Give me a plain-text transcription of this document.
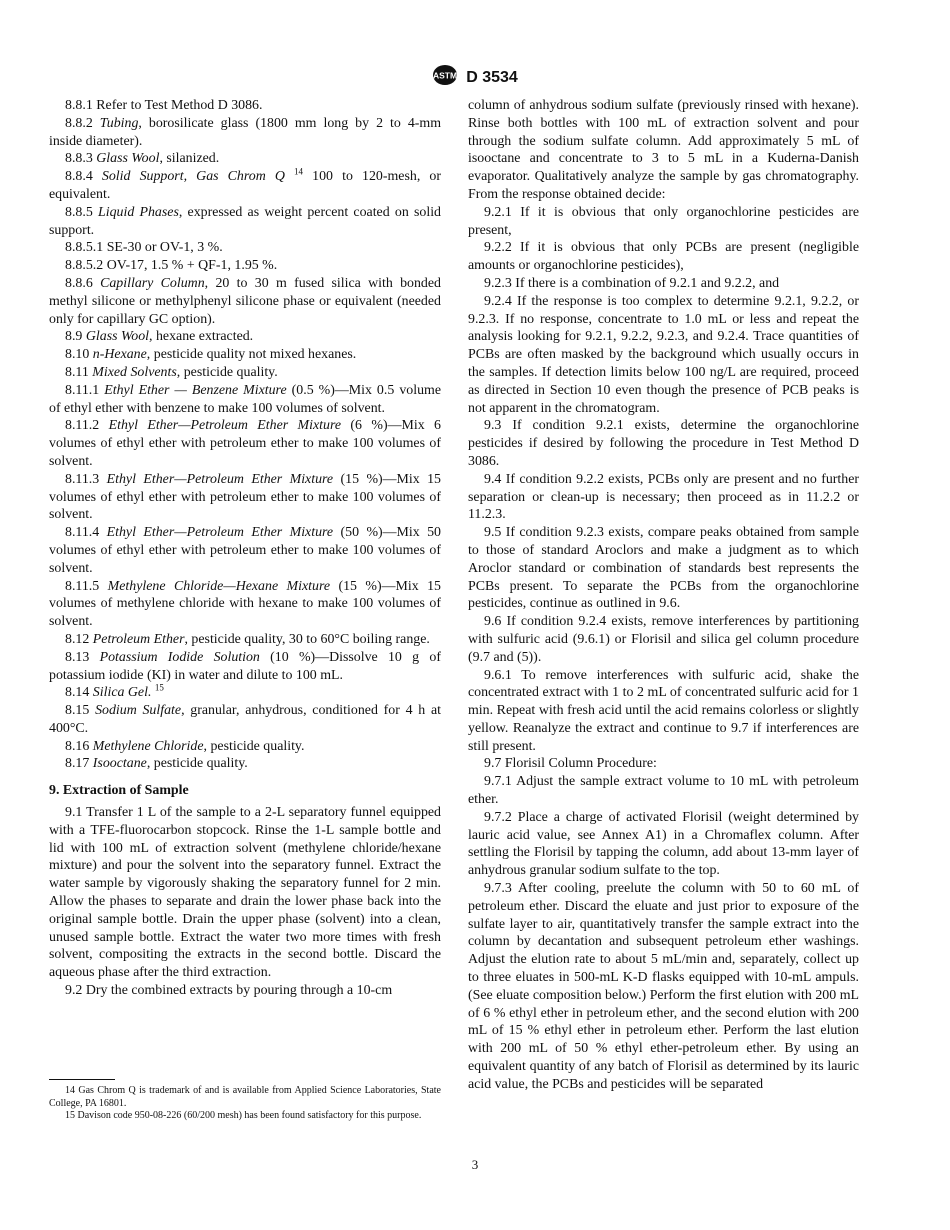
ASTM D 3534

8.8.1 Refer to Test Method D 3086.

8.8.2 Tubing, borosilicate glass (1800 mm long by 2 to 4-mm inside diameter).

8.8.3 Glass Wool, silanized.

8.8.4 Solid Support, Gas Chrom Q $^{14}$ 100 to 120-mesh, or equivalent.

8.8.5 Liquid Phases, expressed as weight percent coated on solid support.

8.8.5.1 SE-30 or OV-1, 3 %.

8.8.5.2 OV-17, 1.5 % + QF-1, 1.95 %.

8.8.6 Capillary Column, 20 to 30 m fused silica with bonded methyl silicone or methylphenyl silicone phase or equivalent (needed only for capillary GC option).

8.9 Glass Wool, hexane extracted.

8.10 n-Hexane, pesticide quality not mixed hexanes.

8.11 Mixed Solvents, pesticide quality.

8.11.1 Ethyl Ether — Benzene Mixture (0.5 %)—Mix 0.5 volume of ethyl ether with benzene to make 100 volumes of solvent.

8.11.2 Ethyl Ether—Petroleum Ether Mixture (6 %)—Mix 6 volumes of ethyl ether with petroleum ether to make 100 volumes of solvent.

8.11.3 Ethyl Ether—Petroleum Ether Mixture (15 %)—Mix 15 volumes of ethyl ether with petroleum ether to make 100 volumes of solvent.

8.11.4 Ethyl Ether—Petroleum Ether Mixture (50 %)—Mix 50 volumes of ethyl ether with petroleum ether to make 100 volumes of solvent.

8.11.5 Methylene Chloride—Hexane Mixture (15 %)—Mix 15 volumes of methylene chloride with hexane to make 100 volumes of solvent.

8.12 Petroleum Ether, pesticide quality, 30 to 60°C boiling range.

8.13 Potassium Iodide Solution (10 %)—Dissolve 10 g of potassium iodide (KI) in water and dilute to 100 mL.

8.14 Silica Gel. $^{15}$

8.15 Sodium Sulfate, granular, anhydrous, conditioned for 4 h at 400°C.

8.16 Methylene Chloride, pesticide quality.

8.17 Isooctane, pesticide quality.

9. Extraction of Sample

9.1 Transfer 1 L of the sample to a 2-L separatory funnel equipped with a TFE-fluorocarbon stopcock. Rinse the 1-L sample bottle and lid with 100 mL of extraction solvent (methylene chloride/hexane mixture) and pour the solvent into the separatory funnel. Extract the water sample by vigorously shaking the separatory funnel for 2 min. Allow the phases to separate and drain the lower phase back into the original sample bottle. Drain the upper phase (solvent) into a clean, unused sample bottle. Extract the water two more times with fresh solvent, compositing the extracts in the second bottle. Discard the aqueous phase after the third extraction.

9.2 Dry the combined extracts by pouring through a 10-cm

column of anhydrous sodium sulfate (previously rinsed with hexane). Rinse both bottles with 100 mL of extraction solvent and pour through the sodium sulfate column. Add approximately 5 mL of isooctane and concentrate to 3 to 5 mL in a Kuderna-Danish evaporator. Qualitatively analyze the sample by gas chromatography. From the response obtained decide:

9.2.1 If it is obvious that only organochlorine pesticides are present,

9.2.2 If it is obvious that only PCBs are present (negligible amounts or organochlorine pesticides),

9.2.3 If there is a combination of 9.2.1 and 9.2.2, and

9.2.4 If the response is too complex to determine 9.2.1, 9.2.2, or 9.2.3. If no response, concentrate to 1.0 mL or less and repeat the analysis looking for 9.2.1, 9.2.2, 9.2.3, and 9.2.4. Trace quantities of PCBs are often masked by the background which usually occurs in the samples. If detection limits below 100 ng/L are required, proceed as directed in Section 10 even though the presence of PCB peaks is not apparent in the chromatogram.

9.3 If condition 9.2.1 exists, determine the organochlorine pesticides if desired by following the procedure in Test Method D 3086.

9.4 If condition 9.2.2 exists, PCBs only are present and no further separation or clean-up is necessary; then proceed as in 11.2.2 or 11.2.3.

9.5 If condition 9.2.3 exists, compare peaks obtained from sample to those of standard Aroclors and make a judgment as to which Aroclor standard or combination of standards best represents the PCBs present. To separate the PCBs from the organochlorine pesticides, continue as outlined in 9.6.

9.6 If condition 9.2.4 exists, remove interferences by partitioning with sulfuric acid (9.6.1) or Florisil and silica gel column procedure (9.7 and (5)).

9.6.1 To remove interferences with sulfuric acid, shake the concentrated extract with 1 to 2 mL of concentrated sulfuric acid for 1 min. Repeat with fresh acid until the acid remains colorless or slightly yellow. Reanalyze the extract and continue to 9.7 if interferences are still present.

9.7 Florisil Column Procedure:

9.7.1 Adjust the sample extract volume to 10 mL with petroleum ether.

9.7.2 Place a charge of activated Florisil (weight determined by lauric acid value, see Annex A1) in a Chromaflex column. After settling the Florisil by tapping the column, add about 13-mm layer of anhydrous granular sodium sulfate to the top.

9.7.3 After cooling, preelute the column with 50 to 60 mL of petroleum ether. Discard the eluate and just prior to exposure of the sulfate layer to air, quantitatively transfer the sample extract into the column by decantation and subsequent petroleum ether washings. Adjust the elution rate to about 5 mL/min and, separately, collect up to three eluates in 500-mL K-D flasks equipped with 10-mL ampuls. (See eluate composition below.) Perform the first elution with 200 mL of 6 % ethyl ether in petroleum ether, and the second elution with 200 mL of 15 % ethyl ether in petroleum ether. Perform the last elution with 200 mL of 50 % ethyl ether-petroleum ether. By using an equivalent quantity of any batch of Florisil as determined by its lauric acid value, the PCBs and pesticides will be separated

14 Gas Chrom Q is trademark of and is available from Applied Science Laboratories, State College, PA 16801.

15 Davison code 950-08-226 (60/200 mesh) has been found satisfactory for this purpose.

3
